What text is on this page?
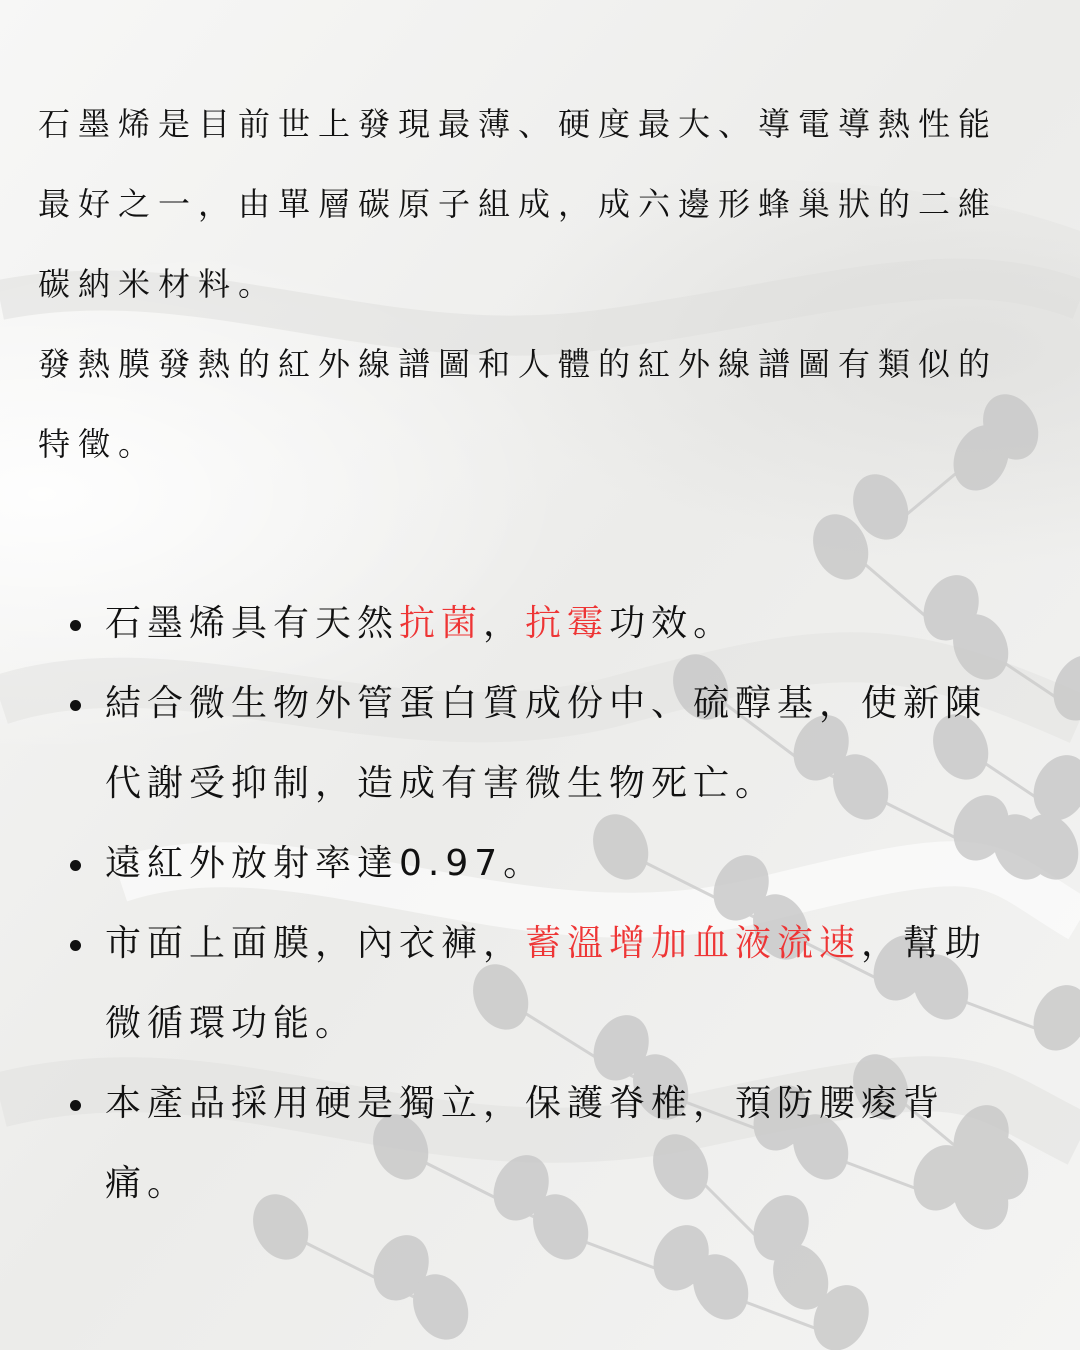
石墨烯是目前世上發現最薄、硬度最大、導電導熱性能最好之一，由單層碳原子組成，成六邊形蜂巢狀的二維碳納米材料。

發熱膜發熱的紅外線譜圖和人體的紅外線譜圖有類似的特徵。

石墨烯具有天然抗菌，抗霉功效。
結合微生物外管蛋白質成份中、硫醇基，使新陳代謝受抑制，造成有害微生物死亡。
遠紅外放射率達0.97。
市面上面膜，內衣褲，蓄溫增加血液流速，幫助微循環功能。
本產品採用硬是獨立，保護脊椎，預防腰痠背痛。
